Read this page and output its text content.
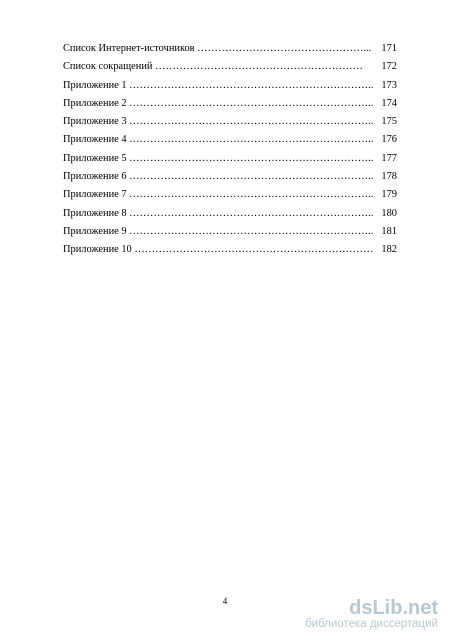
Список Интернет-источников …………………………………………... 171
Список сокращений ……………………………………………………	172
Приложение 1 …………………………………………………………….. 173
Приложение 2 …………………………………………………………….. 174
Приложение 3 …………………………………………………………….. 175
Приложение 4 …………………………………………………………….. 176
Приложение 5 …………………………………………………………….. 177
Приложение 6 …………………………………………………………….. 178
Приложение 7 …………………………………………………………….. 179
Приложение 8 …………………………………………………………….. 180
Приложение 9 …………………………………………………………….. 181
Приложение 10 …………………………………………………………… 182
4	dsLib.net
библиотека диссертаций
